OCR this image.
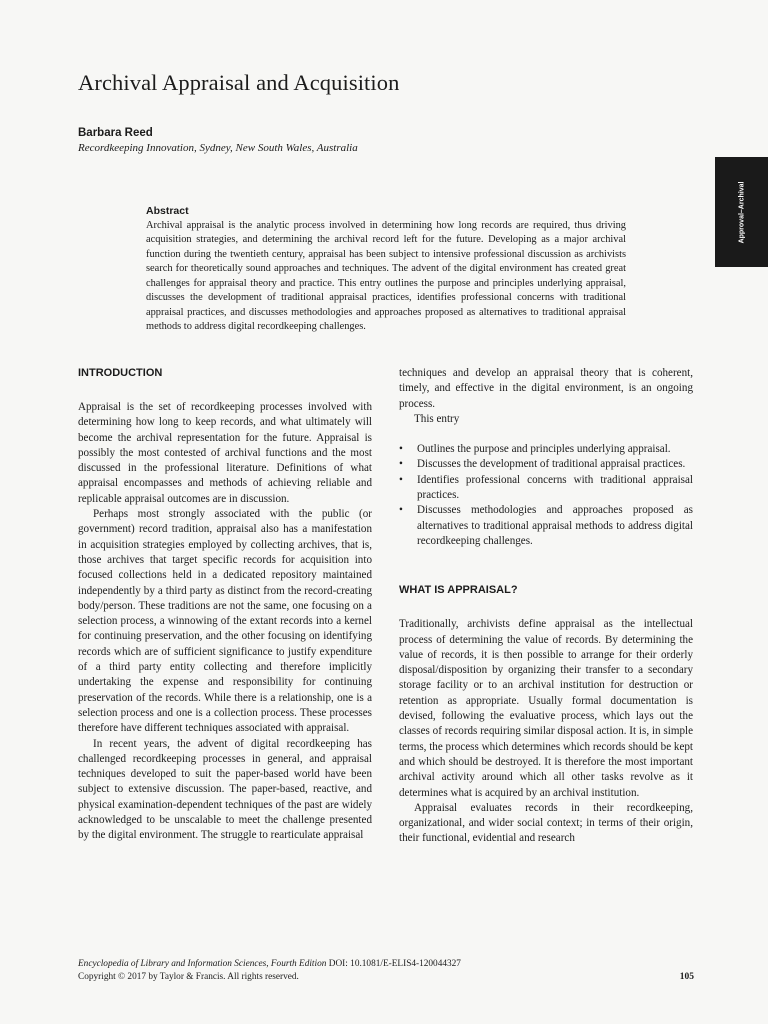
Archival Appraisal and Acquisition
Barbara Reed
Recordkeeping Innovation, Sydney, New South Wales, Australia
Approval–Archival
Abstract

Archival appraisal is the analytic process involved in determining how long records are required, thus driving acquisition strategies, and determining the archival record left for the future. Developing as a major archival function during the twentieth century, appraisal has been subject to intensive professional discussion as archivists search for theoretically sound approaches and techniques. The advent of the digital environment has created great challenges for appraisal theory and practice. This entry outlines the purpose and principles underlying appraisal, discusses the development of traditional appraisal practices, identifies professional concerns with traditional appraisal practices, and discusses methodologies and approaches proposed as alternatives to traditional appraisal methods to address digital recordkeeping challenges.

INTRODUCTION

Appraisal is the set of recordkeeping processes involved with determining how long to keep records, and what ultimately will become the archival representation for the future. Appraisal is possibly the most contested of archival functions and the most discussed in the professional literature. Definitions of what appraisal encompasses and methods of achieving reliable and replicable appraisal outcomes are in discussion.

Perhaps most strongly associated with the public (or government) record tradition, appraisal also has a manifestation in acquisition strategies employed by collecting archives, that is, those archives that target specific records for acquisition into focused collections held in a dedicated repository maintained independently by a third party as distinct from the record-creating body/person. These traditions are not the same, one focusing on a selection process, a winnowing of the extant records into a kernel for continuing preservation, and the other focusing on identifying records which are of sufficient significance to justify expenditure of a third party entity collecting and therefore implicitly undertaking the expense and responsibility for continuing preservation of the records. While there is a relationship, one is a selection process and one is a collection process. These processes therefore have different techniques associated with appraisal.

In recent years, the advent of digital recordkeeping has challenged recordkeeping processes in general, and appraisal techniques developed to suit the paper-based world have been subject to extensive discussion. The paper-based, reactive, and physical examination-dependent techniques of the past are widely acknowledged to be unscalable to meet the challenge presented by the digital environment. The struggle to rearticulate appraisal

techniques and develop an appraisal theory that is coherent, timely, and effective in the digital environment, is an ongoing process.

This entry

• Outlines the purpose and principles underlying appraisal.
• Discusses the development of traditional appraisal practices.
• Identifies professional concerns with traditional appraisal practices.
• Discusses methodologies and approaches proposed as alternatives to traditional appraisal methods to address digital recordkeeping challenges.
WHAT IS APPRAISAL?

Traditionally, archivists define appraisal as the intellectual process of determining the value of records. By determining the value of records, it is then possible to arrange for their orderly disposal/disposition by organizing their transfer to a secondary storage facility or to an archival institution for destruction or retention as appropriate. Usually formal documentation is devised, following the evaluative process, which lays out the classes of records requiring similar disposal action. It is, in simple terms, the process which determines which records should be kept and which should be destroyed. It is therefore the most important archival activity around which all other tasks revolve as it determines what is acquired by an archival institution.

Appraisal evaluates records in their recordkeeping, organizational, and wider social context; in terms of their origin, their functional, evidential and research

Encyclopedia of Library and Information Sciences, Fourth Edition DOI: 10.1081/E-ELIS4-120044327
Copyright © 2017 by Taylor & Francis. All rights reserved.	105
